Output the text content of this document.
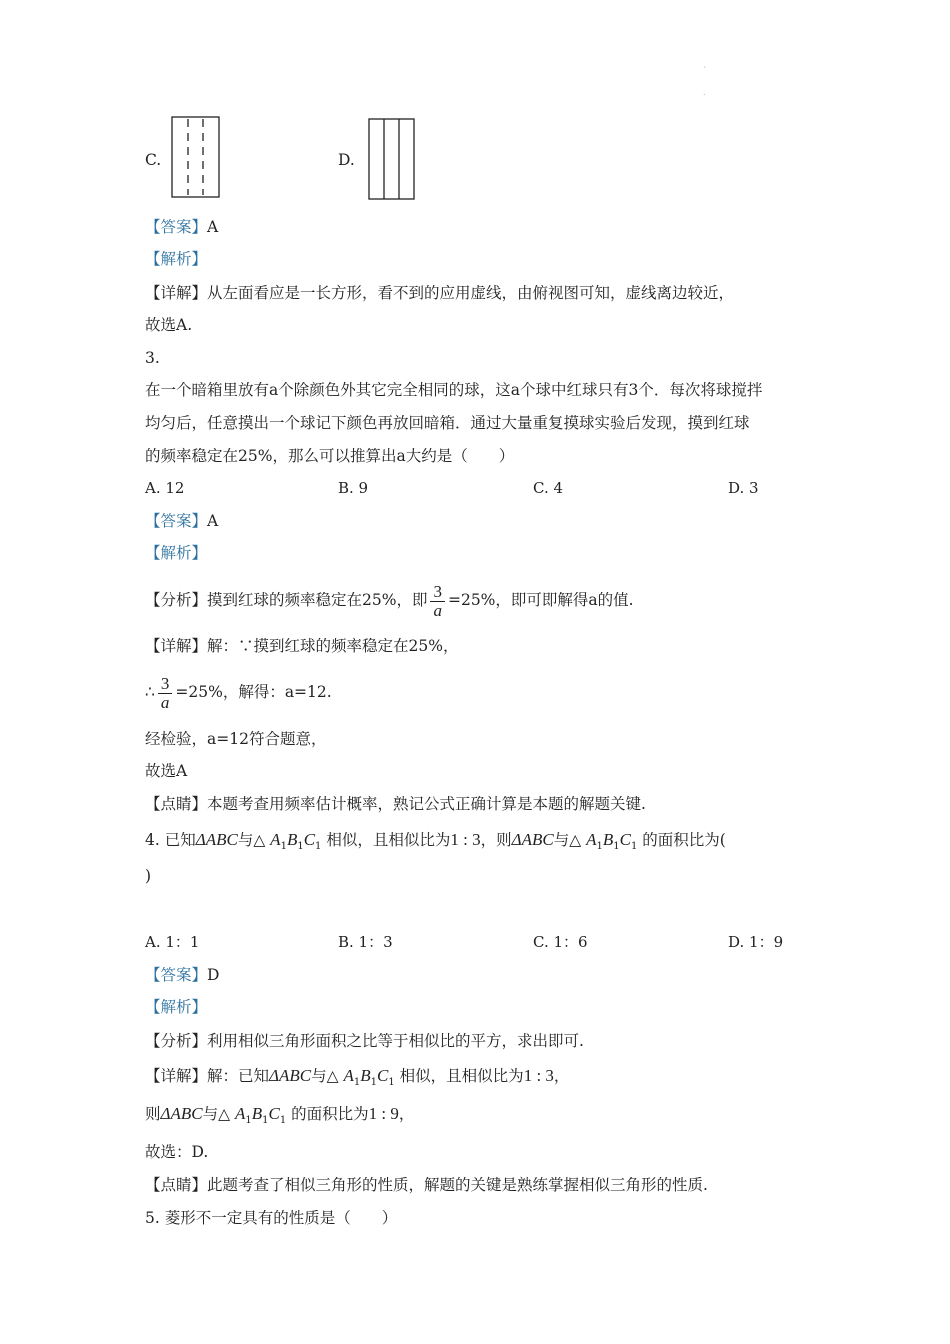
`
.
C.	D.
【答案】A
【解析】
【详解】从左面看应是一长方形，看不到的应用虚线，由俯视图可知，虚线离边较近，
故选A.
3.
在一个暗箱里放有a个除颜色外其它完全相同的球，这a个球中红球只有3个．每次将球搅拌
均匀后，任意摸出一个球记下颜色再放回暗箱．通过大量重复摸球实验后发现，摸到红球
的频率稳定在25%，那么可以推算出a大约是（　　）
A. 12	B. 9	C. 4	D. 3
【答案】A
【解析】
【分析】摸到红球的频率稳定在25%，即 $\frac{3}{a} =25\%$，即可即解得a的值.
【详解】解：∵摸到红球的频率稳定在25%，
∴ $\frac{3}{a} =25\%$，解得：a=12.
经检验，a=12符合题意，
故选A
【点睛】本题考查用频率估计概率，熟记公式正确计算是本题的解题关键.
4. 已知ΔABC与△ $A_1B_1C_1$ 相似，且相似比为1 : 3，则ΔABC与△ $A_1B_1C_1$ 的面积比为(
)
A. 1：1	B. 1：3	C. 1：6	D. 1：9
【答案】D
【解析】
【分析】利用相似三角形面积之比等于相似比的平方，求出即可.
【详解】解：已知ΔABC与△ $A_1B_1C_1$ 相似，且相似比为1 : 3，
则ΔABC与△ $A_1B_1C_1$ 的面积比为1 : 9，
故选：D.
【点睛】此题考查了相似三角形的性质，解题的关键是熟练掌握相似三角形的性质.
5. 菱形不一定具有的性质是（　　）
